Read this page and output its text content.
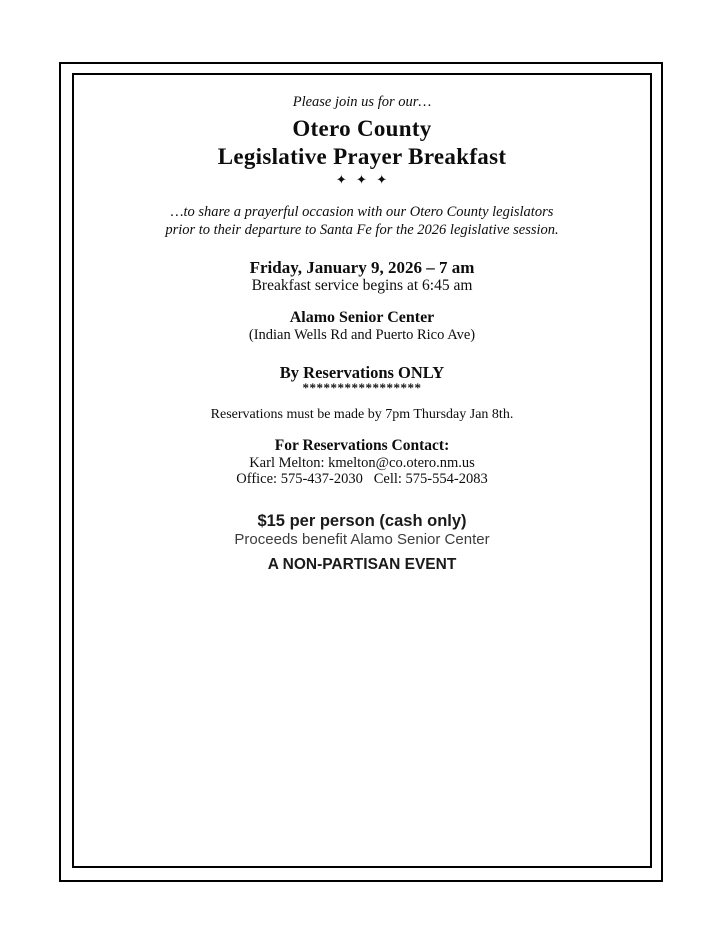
Please join us for our…
Otero County
Legislative Prayer Breakfast
✦ ✦ ✦
…to share a prayerful occasion with our Otero County legislators
prior to their departure to Santa Fe for the 2026 legislative session.
Friday, January 9, 2026 – 7 am
Breakfast service begins at 6:45 am
Alamo Senior Center
(Indian Wells Rd and Puerto Rico Ave)
By Reservations ONLY
*****************
Reservations must be made by 7pm Thursday Jan 8th.
For Reservations Contact:
Karl Melton: kmelton@co.otero.nm.us
Office: 575-437-2030   Cell: 575-554-2083
$15 per person (cash only)
Proceeds benefit Alamo Senior Center
A NON-PARTISAN EVENT
